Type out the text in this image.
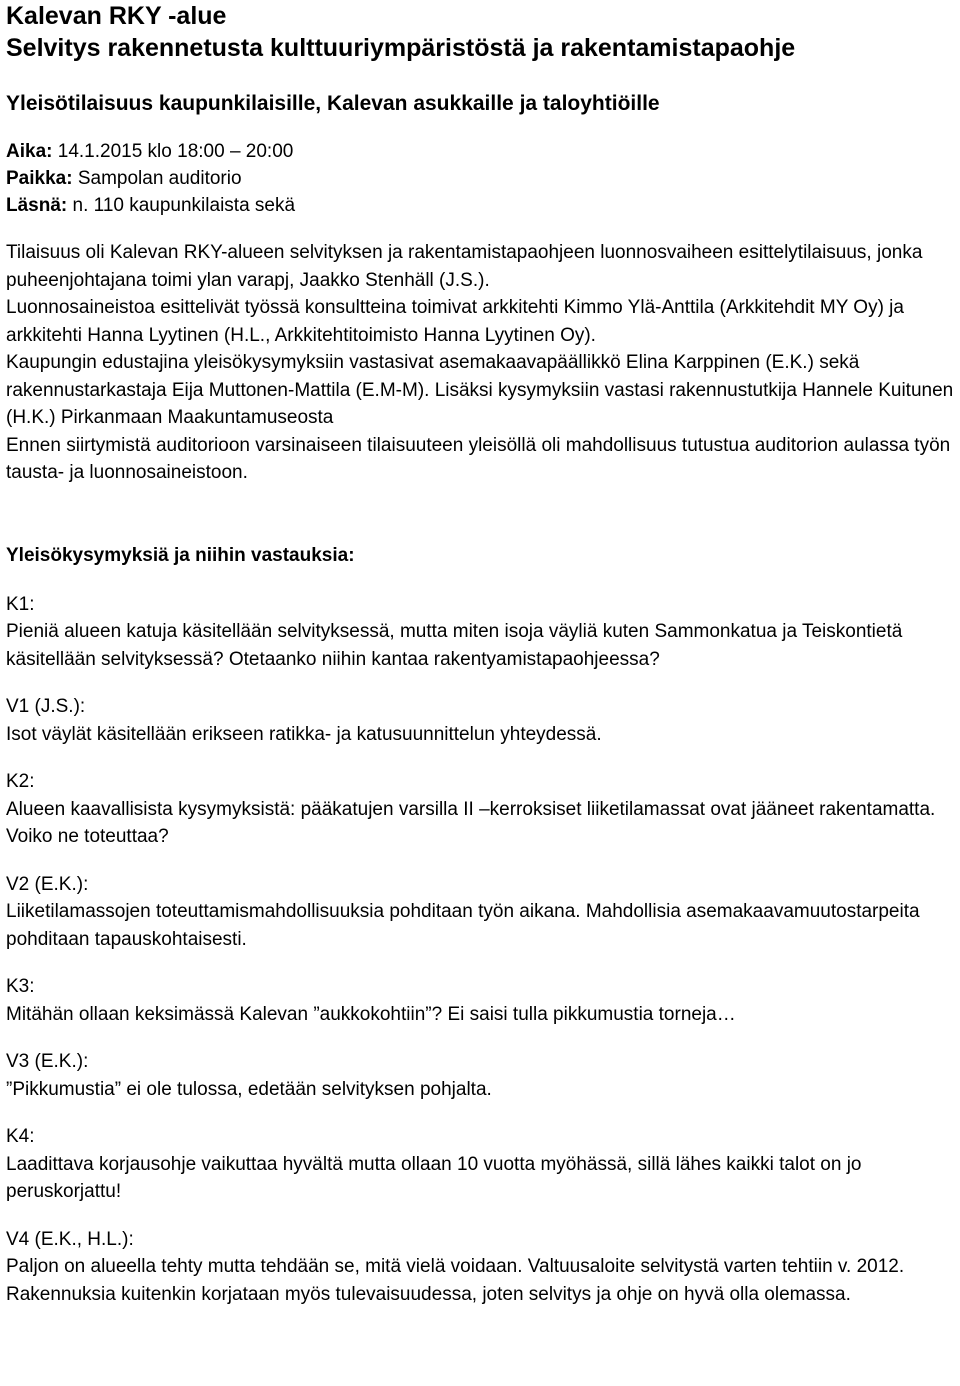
Kalevan RKY -alue
Selvitys rakennetusta kulttuuriympäristöstä ja rakentamistapaohje
Yleisötilaisuus kaupunkilaisille, Kalevan asukkaille ja taloyhtiöille
Aika: 14.1.2015 klo 18:00 – 20:00
Paikka: Sampolan auditorio
Läsnä: n. 110 kaupunkilaista sekä

Tilaisuus oli Kalevan RKY-alueen selvityksen ja rakentamistapaohjeen luonnosvaiheen esittelytilaisuus, jonka puheenjohtajana toimi ylan varapj, Jaakko Stenhäll (J.S.).

Luonnosaineistoa esittelivät työssä konsultteina toimivat arkkitehti Kimmo Ylä-Anttila (Arkkitehdit MY Oy) ja arkkitehti Hanna Lyytinen (H.L., Arkkitehtitoimisto Hanna Lyytinen Oy).

Kaupungin edustajina yleisökysymyksiin vastasivat asemakaavapäällikkö Elina Karppinen (E.K.) sekä rakennustarkastaja Eija Muttonen-Mattila (E.M-M). Lisäksi kysymyksiin vastasi rakennustutkija Hannele Kuitunen (H.K.) Pirkanmaan Maakuntamuseosta

Ennen siirtymistä auditorioon varsinaiseen tilaisuuteen yleisöllä oli mahdollisuus tutustua auditorion aulassa työn tausta- ja luonnosaineistoon.

Yleisökysymyksiä ja niihin vastauksia:
K1:
Pieniä alueen katuja käsitellään selvityksessä, mutta miten isoja väyliä kuten Sammonkatua ja Teiskontietä käsitellään selvityksessä? Otetaanko niihin kantaa rakentyamistapaohjeessa?
V1 (J.S.):
Isot väylät käsitellään erikseen ratikka- ja katusuunnittelun yhteydessä.
K2:
Alueen kaavallisista kysymyksistä: pääkatujen varsilla II –kerroksiset liiketilamassat ovat jääneet rakentamatta. Voiko ne toteuttaa?
V2 (E.K.):
Liiketilamassojen toteuttamismahdollisuuksia pohditaan työn aikana. Mahdollisia asemakaavamuutostarpeita pohditaan tapauskohtaisesti.
K3:
Mitähän ollaan keksimässä Kalevan ”aukkokohtiin”? Ei saisi tulla pikkumustia torneja…
V3 (E.K.):
”Pikkumustia” ei ole tulossa, edetään selvityksen pohjalta.
K4:
Laadittava korjausohje vaikuttaa hyvältä mutta ollaan 10 vuotta myöhässä, sillä lähes kaikki talot on jo peruskorjattu!
V4 (E.K., H.L.):
Paljon on alueella tehty mutta tehdään se, mitä vielä voidaan. Valtuusaloite selvitystä varten tehtiin v. 2012. Rakennuksia kuitenkin korjataan myös tulevaisuudessa, joten selvitys ja ohje on hyvä olla olemassa.
